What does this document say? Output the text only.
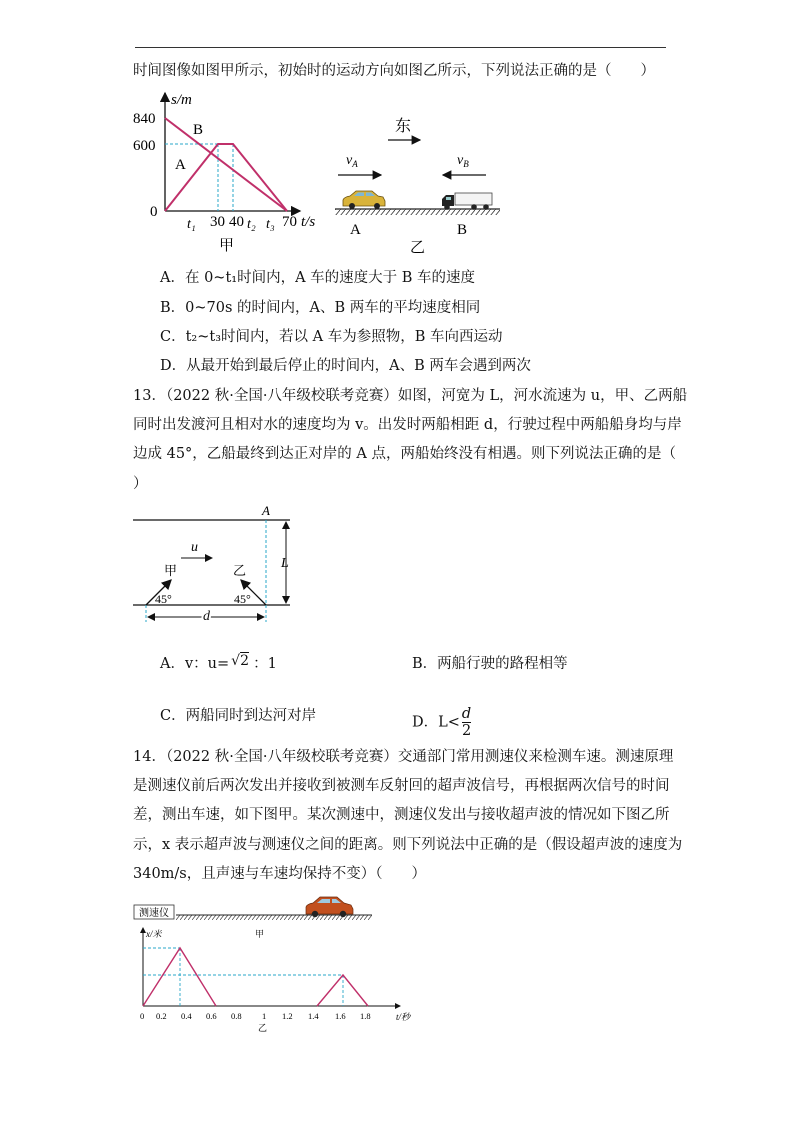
时间图像如图甲所示，初始时的运动方向如图乙所示，下列说法正确的是（　　）
s/m
840
600
0
B
A
t₁ 30 40 t₂ t₃ 70 t/s
甲
东
$v_A$	$v_B$
A	B
乙
A．在 0~t₁时间内，A 车的速度大于 B 车的速度
B．0~70s 的时间内，A、B 两车的平均速度相同
C．t₂~t₃时间内，若以 A 车为参照物，B 车向西运动
D．从最开始到最后停止的时间内，A、B 两车会遇到两次
13．（2022 秋·全国·八年级校联考竞赛）如图，河宽为 L，河水流速为 u，甲、乙两船
同时出发渡河且相对水的速度均为 v。出发时两船相距 d，行驶过程中两船船身均与岸
边成 45°，乙船最终到达正对岸的 A 点，两船始终没有相遇。则下列说法正确的是（
）
A
L
u
甲	乙
45°	45°
d
A．v：u= √2 ：1	B．两船行驶的路程相等
C．两船同时到达河对岸	D．$L< \frac{d}{2}$
14．（2022 秋·全国·八年级校联考竞赛）交通部门常用测速仪来检测车速。测速原理
是测速仪前后两次发出并接收到被测车反射回的超声波信号，再根据两次信号的时间
差，测出车速，如下图甲。某次测速中，测速仪发出与接收超声波的情况如下图乙所
示，x 表示超声波与测速仪之间的距离。则下列说法中正确的是（假设超声波的速度为
340m/s，且声速与车速均保持不变）（　　）
测速仪
甲
x/米
t/秒
0 0.2 0.4 0.6 0.8 1 1.2 1.4 1.6 1.8
乙
